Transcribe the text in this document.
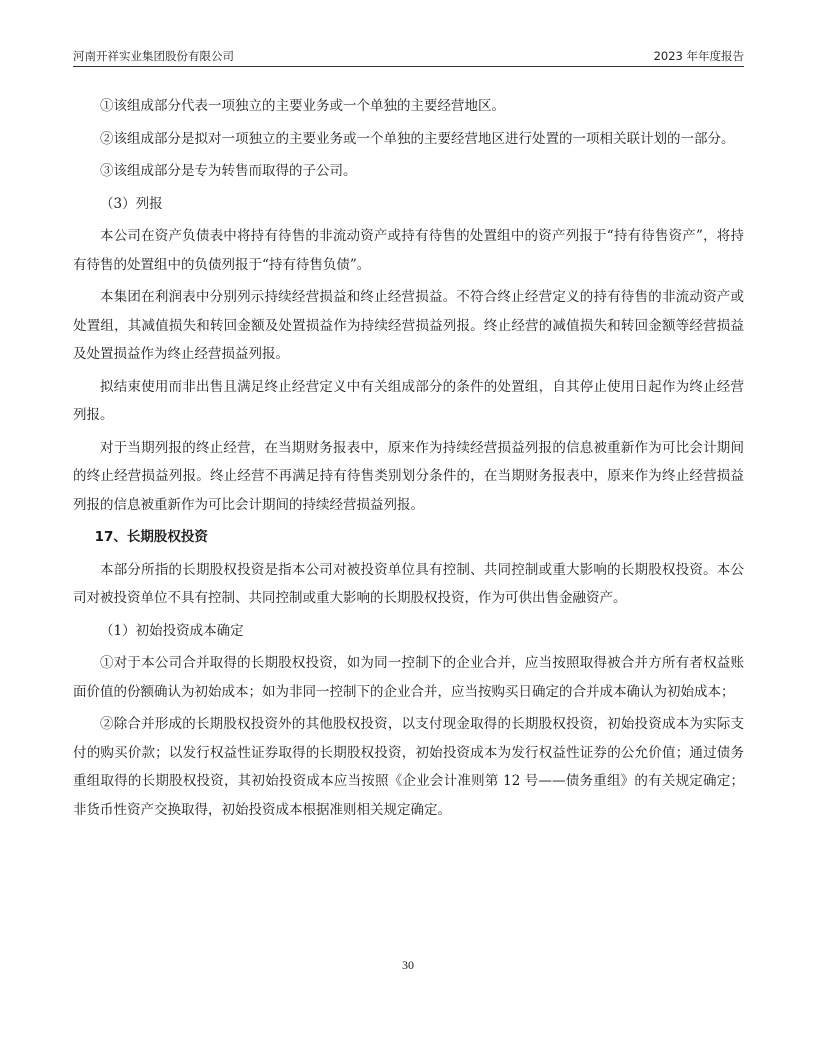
河南开祥实业集团股份有限公司	2023 年年度报告

①该组成部分代表一项独立的主要业务或一个单独的主要经营地区。

②该组成部分是拟对一项独立的主要业务或一个单独的主要经营地区进行处置的一项相关联计划的一部分。

③该组成部分是专为转售而取得的子公司。

（3）列报

本公司在资产负债表中将持有待售的非流动资产或持有待售的处置组中的资产列报于“持有待售资产”，将持有待售的处置组中的负债列报于“持有待售负债”。

本集团在利润表中分别列示持续经营损益和终止经营损益。不符合终止经营定义的持有待售的非流动资产或处置组，其减值损失和转回金额及处置损益作为持续经营损益列报。终止经营的减值损失和转回金额等经营损益及处置损益作为终止经营损益列报。

拟结束使用而非出售且满足终止经营定义中有关组成部分的条件的处置组，自其停止使用日起作为终止经营列报。

对于当期列报的终止经营，在当期财务报表中，原来作为持续经营损益列报的信息被重新作为可比会计期间的终止经营损益列报。终止经营不再满足持有待售类别划分条件的，在当期财务报表中，原来作为终止经营损益列报的信息被重新作为可比会计期间的持续经营损益列报。

17、长期股权投资

本部分所指的长期股权投资是指本公司对被投资单位具有控制、共同控制或重大影响的长期股权投资。本公司对被投资单位不具有控制、共同控制或重大影响的长期股权投资，作为可供出售金融资产。

（1）初始投资成本确定

①对于本公司合并取得的长期股权投资，如为同一控制下的企业合并，应当按照取得被合并方所有者权益账面价值的份额确认为初始成本；如为非同一控制下的企业合并，应当按购买日确定的合并成本确认为初始成本；

②除合并形成的长期股权投资外的其他股权投资，以支付现金取得的长期股权投资，初始投资成本为实际支付的购买价款；以发行权益性证券取得的长期股权投资，初始投资成本为发行权益性证券的公允价值；通过债务重组取得的长期股权投资，其初始投资成本应当按照《企业会计准则第 12 号——债务重组》的有关规定确定；非货币性资产交换取得，初始投资成本根据准则相关规定确定。

30
